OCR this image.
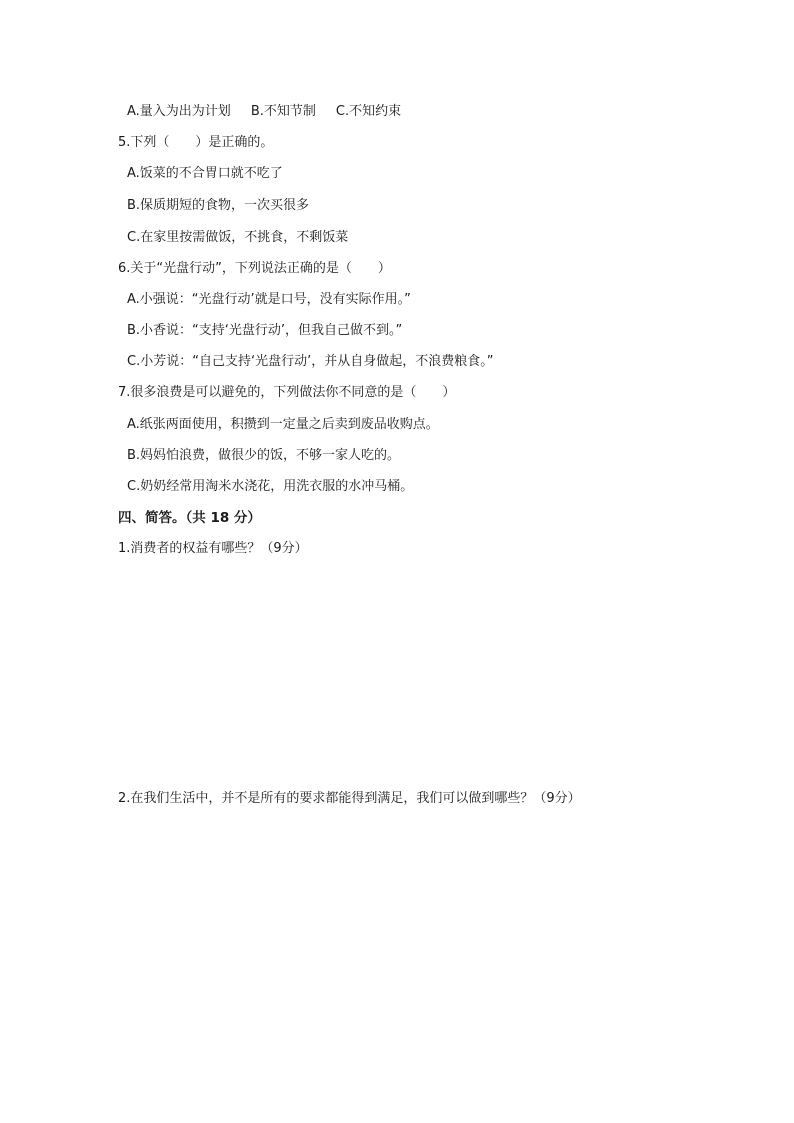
A.量入为出为计划 B.不知节制 C.不知约束
5.下列（　　）是正确的。
A.饭菜的不合胃口就不吃了
B.保质期短的食物，一次买很多
C.在家里按需做饭，不挑食，不剩饭菜
6.关于“光盘行动”，下列说法正确的是（　　）
A.小强说：“光盘行动’就是口号，没有实际作用。”
B.小香说：“支持‘光盘行动’，但我自己做不到。”
C.小芳说：“自己支持‘光盘行动’，并从自身做起，不浪费粮食。”
7.很多浪费是可以避免的，下列做法你不同意的是（　　）
A.纸张两面使用，积攒到一定量之后卖到废品收购点。
B.妈妈怕浪费，做很少的饭，不够一家人吃的。
C.奶奶经常用淘米水浇花，用洗衣服的水冲马桶。
四、简答。（共 18 分）
1.消费者的权益有哪些？（9分）
2.在我们生活中，并不是所有的要求都能得到满足，我们可以做到哪些？（9分）
